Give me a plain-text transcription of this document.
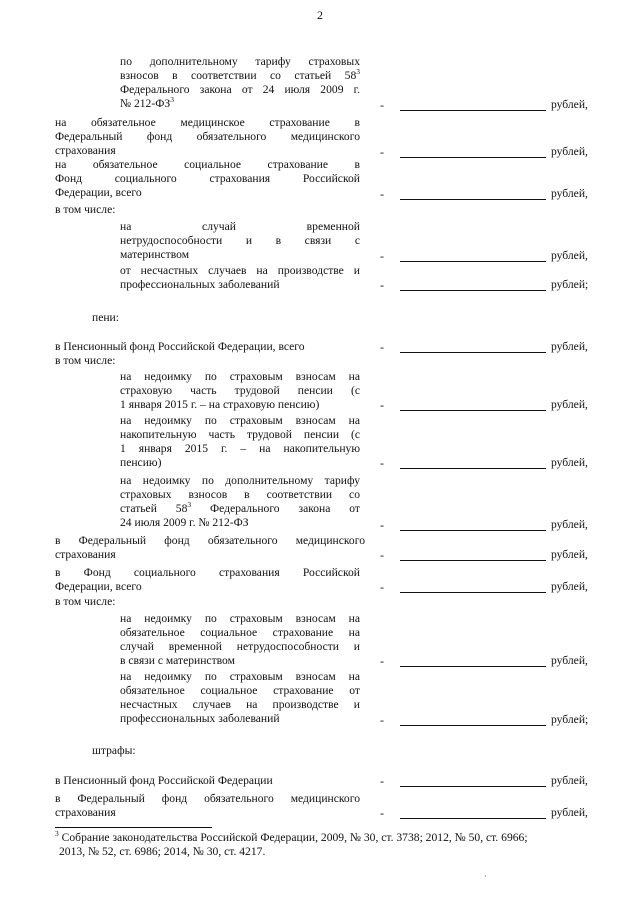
2
по дополнительному тарифу страховых
взносов в соответствии со статьей $58^3$
Федерального закона от 24 июля 2009 г.
№ $212-ФЗ^3$	-	рублей,
на обязательное медицинское страхование в
Федеральный фонд обязательного медицинского
страхования	-	рублей,
на обязательное социальное страхование в
Фонд социального страхования Российской
Федерации, всего	-	рублей,
в том числе:
на случай временной
нетрудоспособности и в связи с
материнством	-	рублей,
от несчастных случаев на производстве и
профессиональных заболеваний	-	рублей;
пени:
в Пенсионный фонд Российской Федерации, всего	-	рублей,
в том числе:
на недоимку по страховым взносам на
страховую часть трудовой пенсии (с
1 января 2015 г. – на страховую пенсию)	-	рублей,
на недоимку по страховым взносам на
накопительную часть трудовой пенсии (с
1 января 2015 г. – на накопительную
пенсию)	-	рублей,
на недоимку по дополнительному тарифу
страховых взносов в соответствии со
статьей $58^3$ Федерального закона от
24 июля 2009 г. № 212-ФЗ	-	рублей,
в Федеральный фонд обязательного медицинского
страхования	-	рублей,
в Фонд социального страхования Российской
Федерации, всего	-	рублей,
в том числе:
на недоимку по страховым взносам на
обязательное социальное страхование на
случай временной нетрудоспособности и
в связи с материнством	-	рублей,
на недоимку по страховым взносам на
обязательное социальное страхование от
несчастных случаев на производстве и
профессиональных заболеваний	-	рублей;
штрафы:
в Пенсионный фонд Российской Федерации	-	рублей,
в Федеральный фонд обязательного медицинского
страхования	-	рублей,
$^3$ Собрание законодательства Российской Федерации, 2009, № 30, ст. 3738; 2012, № 50, ст. 6966;
2013, № 52, ст. 6986; 2014, № 30, ст. 4217.
·
